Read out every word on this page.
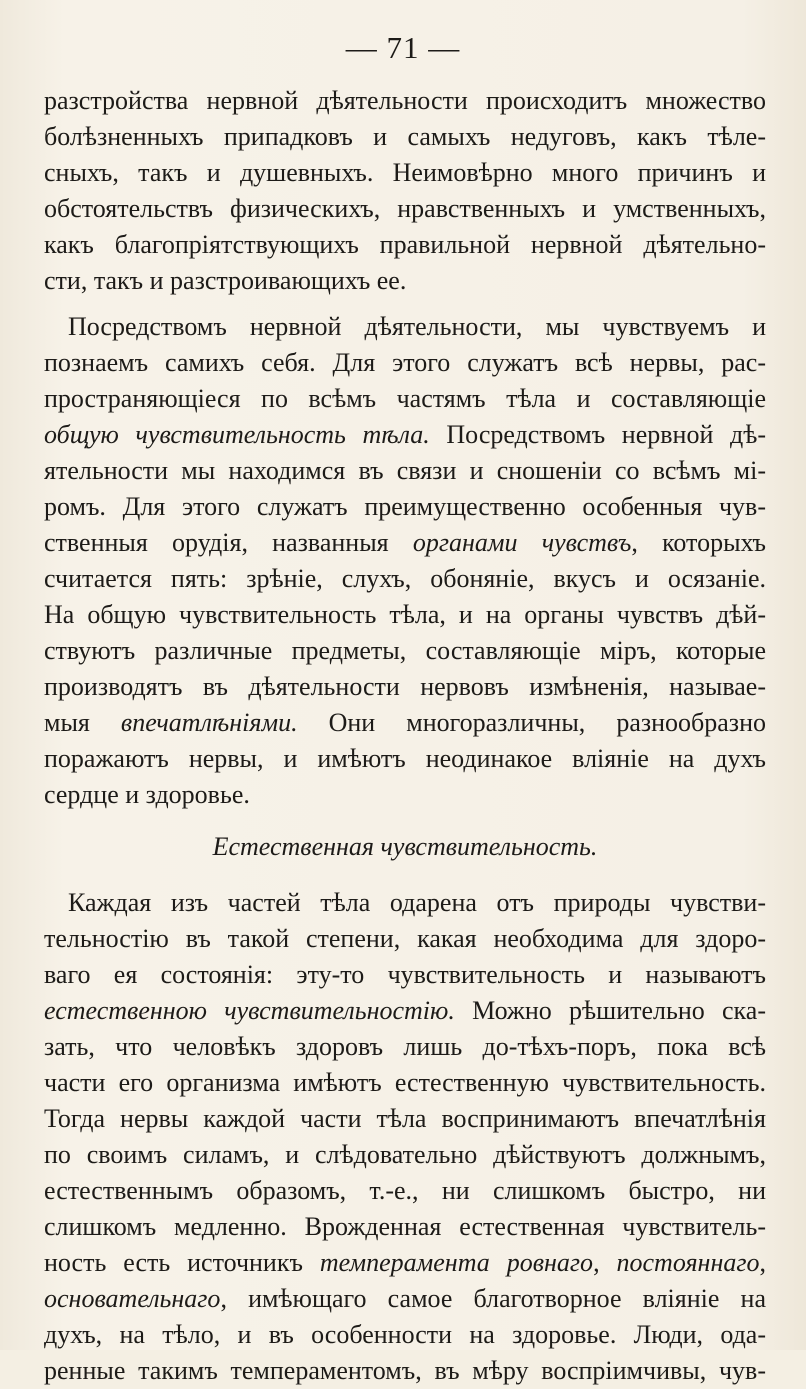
— 71 —
разстройства нервной дѣятельности происходитъ множество
болѣзненныхъ припадковъ и самыхъ недуговъ, какъ тѣле-
сныхъ, такъ и душевныхъ. Неимовѣрно много причинъ и
обстоятельствъ физическихъ, нравственныхъ и умственныхъ,
какъ благопріятствующихъ правильной нервной дѣятельно-
сти, такъ и разстроивающихъ ее.
Посредствомъ нервной дѣятельности, мы чувствуемъ и
познаемъ самихъ себя. Для этого служатъ всѣ нервы, рас-
пространяющіеся по всѣмъ частямъ тѣла и составляющіе
общую чувствительность тѣла. Посредствомъ нервной дѣ-
ятельности мы находимся въ связи и сношеніи со всѣмъ мі-
ромъ. Для этого служатъ преимущественно особенныя чув-
ственныя орудія, названныя органами чувствъ, которыхъ
считается пять: зрѣніе, слухъ, обоняніе, вкусъ и осязаніе.
На общую чувствительность тѣла, и на органы чувствъ дѣй-
ствуютъ различные предметы, составляющіе міръ, которые
производятъ въ дѣятельности нервовъ измѣненія, называе-
мыя впечатлѣніями. Они многоразличны, разнообразно
поражаютъ нервы, и имѣютъ неодинакое вліяніе на духъ
сердце и здоровье.
Естественная чувствительность.
Каждая изъ частей тѣла одарена отъ природы чувстви-
тельностію въ такой степени, какая необходима для здоро-
ваго ея состоянія: эту-то чувствительность и называютъ
естественною чувствительностію. Можно рѣшительно ска-
зать, что человѣкъ здоровъ лишь до-тѣхъ-поръ, пока всѣ
части его организма имѣютъ естественную чувствительность.
Тогда нервы каждой части тѣла воспринимаютъ впечатлѣнія
по своимъ силамъ, и слѣдовательно дѣйствуютъ должнымъ,
естественнымъ образомъ, т.-е., ни слишкомъ быстро, ни
слишкомъ медленно. Врожденная естественная чувствитель-
ность есть источникъ темперамента ровнаго, постояннаго,
основательнаго, имѣющаго самое благотворное вліяніе на
духъ, на тѣло, и въ особенности на здоровье. Люди, ода-
ренные такимъ темпераментомъ, въ мѣру воспріимчивы, чув-
